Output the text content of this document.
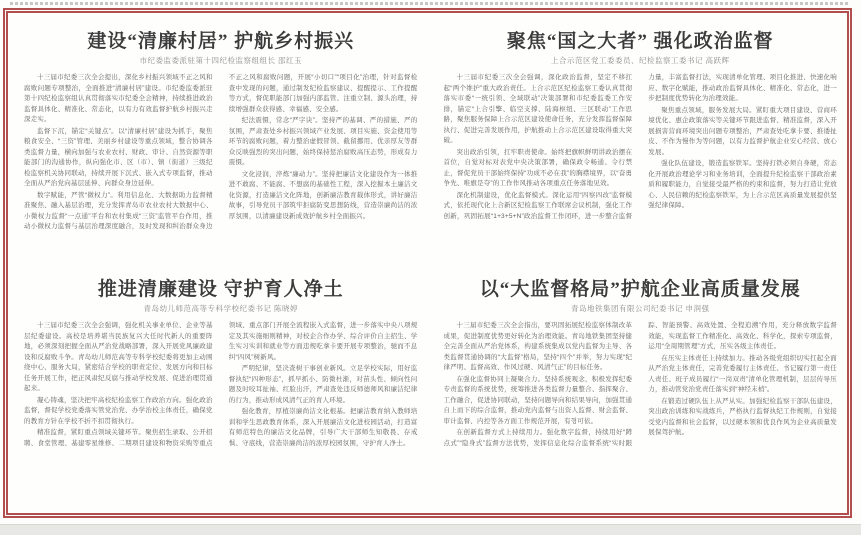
建设“清廉村居” 护航乡村振兴
市纪委监委派驻第十四纪检监察组组长 邵红玉

十三届市纪委三次全会提出，深化乡村振兴领域不正之风和腐败问题专项整治，全面推进“清廉村居”建设。市纪委监委派驻第十四纪检监察组认真贯彻落实市纪委全会精神，持续推进政治监督具体化、精准化、常态化，以有力有效监督护航乡村振兴走深走实。

监督下沉，锚定“关键点”。以“清廉村居”建设为抓手，聚焦粮食安全、“三资”管理、美丽乡村建设等重点领域，整合协调各类监督力量，横向加强与农业农村、财政、审计、自然资源等职能部门的沟通协作，纵向强化市、区（市）、镇（街道）三级纪检监察机关协同联动，持续开展下沉式、嵌入式专项监督，推动全面从严治党向基层延伸、向群众身边延伸。

数字赋能，严管“微权力”。利用信息化、大数据助力监督精准聚焦、融入基层治理，充分发挥青岛市农业农村大数据中心、小微权力监督“一点通”平台和农村集成“三资”监管平台作用，推动小微权力监督与基层治理深度融合，及时发现和纠治群众身边不正之风和腐败问题，开展“小切口”“项目化”治理，针对监督检查中发现的问题，通过制发纪检监察建议、提醒提示、工作提醒等方式，督促职能部门加强内部监管、注重立制、源头治理，持续增强群众获得感、幸福感、安全感。

纪法震慑，常念“严字诀”。坚持严的基调、严的措施、严的氛围，严肃查处乡村振兴领域产业发展、项目实施、资金使用等环节的腐败问题，着力整治虚假冒领、截留挪用、优亲厚友等群众反映强烈的突出问题，始终保持惩治腐败高压态势，形成有力震慑。

文化浸润，淬炼“廉动力”。坚持把廉洁文化建设作为一体推进不敢腐、不能腐、不想腐的基础性工程，深入挖掘本土廉洁文化资源，打造廉洁文化阵地，创新廉洁教育载体形式，讲好廉洁故事，引导党员干部筑牢拒腐防变思想防线，营造崇廉尚洁的浓厚氛围，以清廉建设新成效护航乡村全面振兴。

聚焦“国之大者” 强化政治监督
上合示范区党工委委员、纪检监察工委书记 高跃辉

十三届市纪委三次全会强调，深化政治监督，坚定不移扛起“两个维护”重大政治责任。上合示范区纪检监察工委认真贯彻落实市委“一统引领、全域联动”决策部署和市纪委监委工作安排，锚定“上合引擎、临空支撑、陆海枢纽、三区联动”工作思路，聚焦服务保障上合示范区建设使命任务，充分发挥监督保障执行、促进完善发展作用，护航推动上合示范区建设取得重大突破。

突出政治引领，扛牢职责使命。始终把旗帜鲜明讲政治摆在首位，自觉对标对表党中央决策部署，确保政令畅通、令行禁止，督促党员干部始终保持“功成不必在我”的胸襟境界，以“奋勇争先、唯旗是夺”的工作作风推动各项重点任务落地见效。

深化机制建设，优化监督模式。深化运用“四察四改”监督模式，依托现代化上合新区纪检监察工作联席会议机制，强化工作创新，巩固拓展“1+3+5+N”政治监督工作闭环，进一步整合监督力量，丰富监督打法，实现清单化管理、项目化推进、快速化响应、数字化赋能，推动政治监督具体化、精准化、常态化，进一步把制度优势转化为治理效能。

聚焦重点领域，服务发展大局。紧盯重大项目建设、营商环境优化、惠企政策落实等关键环节跟进监督、精准监督，深入开展损害营商环境突出问题专项整治，严肃查处吃拿卡要、推诿扯皮、不作为慢作为等问题，以有力监督护航企业安心经营、放心发展。

强化队伍建设，锻造监察铁军。坚持打铁必须自身硬，常态化开展政治理论学习和业务培训，全面提升纪检监察干部政治素质和履职能力，自觉接受最严格的约束和监督，努力打造让党放心、人民信赖的纪检监察铁军，为上合示范区高质量发展提供坚强纪律保障。

推进清廉建设 守护育人净土
青岛幼儿师范高等专科学校纪委书记 陈晓婷

十三届市纪委三次全会强调，强化机关事业单位、企业等基层纪委建设。高校是培养堪当民族复兴大任时代新人的重要阵地，必须深刻把握全面从严治党战略部署，深入开展党风廉政建设和反腐败斗争。青岛幼儿师范高等专科学校纪委将更加主动围绕中心、服务大局，紧密结合学校的职责定位、发展方向和目标任务开展工作，把正风肃纪反腐与推动学校发展、促进治理贯通起来。

凝心铸魂，坚决把牢高校纪检监察工作政治方向。强化政治监督，督促学校党委落实管党治党、办学治校主体责任，确保党的教育方针在学校不折不扣贯彻执行。

精准监督，紧盯重点领域关键环节。聚焦招生录取、公开招聘、食堂管理、基建零星维修、二期项目建设和物资采购等重点领域、重点部门开展全流程嵌入式监督，进一步落实中央八项规定及其实施细则精神，对校企合作办学、综合评价自主招生、学生实习实训和就业等方面违规吃拿卡要开展专项整治，驰而不息纠“四风”树新风。

严明纪律，坚决查树干事创业新风。立足学校实际，用好监督执纪“四种形态”，抓早抓小、防微杜渐，对苗头性、倾向性问题及时咬耳扯袖、红脸出汗，严肃查处违反师德师风和廉洁纪律的行为，推动形成风清气正的育人环境。

强化教育，厚植崇廉尚洁文化根基。把廉洁教育纳入教师培训和学生思政教育体系，深入开展廉洁文化进校园活动，打造富有师范特色的廉洁文化品牌，引导广大干部师生知敬畏、存戒惧、守底线，营造崇廉尚洁的浓厚校园氛围，守护育人净土。

以“大监督格局”护航企业高质量发展
青岛地铁集团有限公司纪委书记 申润强

十三届市纪委三次全会指出，要巩固拓展纪检监察体制改革成果，促进制度优势更好转化为治理效能。青岛地铁集团坚持健全完善全面从严治党体系，构建系统集成以党内监督为主导、各类监督贯通协调的“大监督”格局，坚持“四个”并举，努力实现“纪律严明、监督高效、作风过硬、风清气正”的目标任务。

在强化监督协同上凝聚合力。坚持系统观念，积极发挥纪委专责监督的系统优势，统筹推进各类监督力量整合、指挥聚合、工作融合，促进协同联动，坚持问题导向和结果导向，加强贯通自上而下的综合监督，推动党内监督与出资人监督、财会监督、审计监督、内控等各方面工作规范开展，有형可依。

在创新监督方式上持续用力。强化数字监督，持续用好“蹲点式”“隐身式”监督方法优势，发挥信息化综合监督系统“实时跟踪、智能预警、高效处置、全程追溯”作用，充分释放数字监督效能，实现监督工作精准化、高效化、科学化，探索专项监督，运用“全周期管理”方式，压实各级主体责任。

在压实主体责任上持续加力。推动各级党组织切实扛起全面从严治党主体责任，完善党委履行主体责任、书记履行第一责任人责任、班子成员履行“一岗双责”清单化管理机制，层层传导压力，推动管党治党责任落实到“神经末梢”。

在锻造过硬队伍上从严从实。加强纪检监察干部队伍建设，突出政治训练和实战练兵，严格执行监督执纪工作规则，自觉接受党内监督和社会监督，以过硬本领和优良作风为企业高质量发展保驾护航。
